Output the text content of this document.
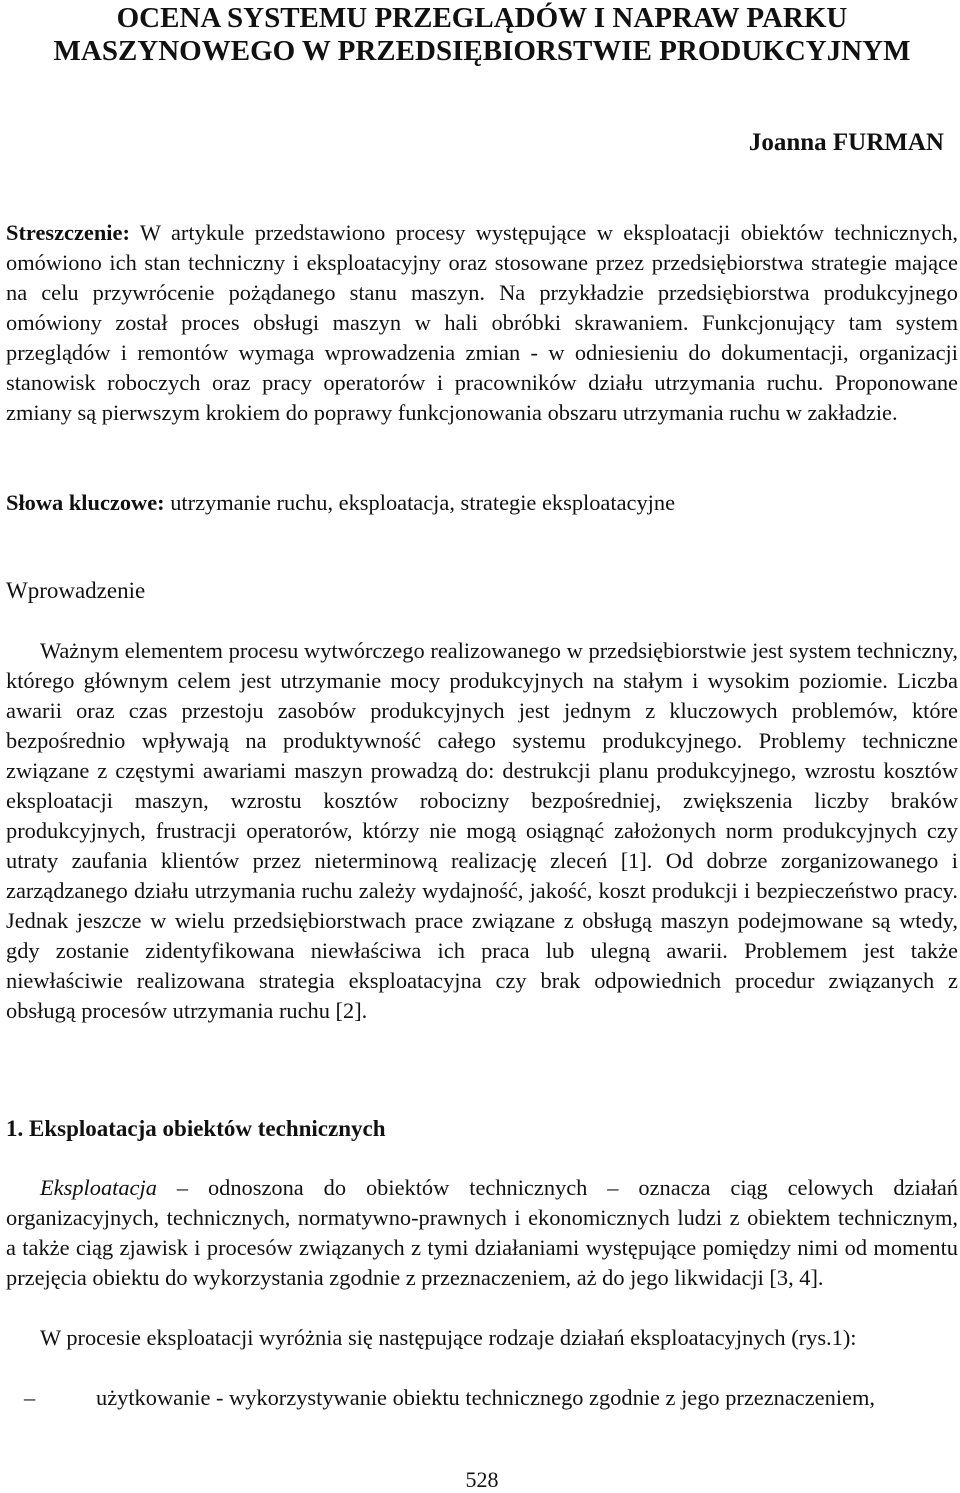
OCENA SYSTEMU PRZEGLĄDÓW I NAPRAW PARKU
MASZYNOWEGO W PRZEDSIĘBIORSTWIE PRODUKCYJNYM
Joanna FURMAN
Streszczenie: W artykule przedstawiono procesy występujące w eksploatacji obiektów technicznych, omówiono ich stan techniczny i eksploatacyjny oraz stosowane przez przedsiębiorstwa strategie mające na celu przywrócenie pożądanego stanu maszyn. Na przykładzie przedsiębiorstwa produkcyjnego omówiony został proces obsługi maszyn w hali obróbki skrawaniem. Funkcjonujący tam system przeglądów i remontów wymaga wprowadzenia zmian - w odniesieniu do dokumentacji, organizacji stanowisk roboczych oraz pracy operatorów i pracowników działu utrzymania ruchu. Proponowane zmiany są pierwszym krokiem do poprawy funkcjonowania obszaru utrzymania ruchu w zakładzie.
Słowa kluczowe: utrzymanie ruchu, eksploatacja, strategie eksploatacyjne
Wprowadzenie
Ważnym elementem procesu wytwórczego realizowanego w przedsiębiorstwie jest system techniczny, którego głównym celem jest utrzymanie mocy produkcyjnych na stałym i wysokim poziomie. Liczba awarii oraz czas przestoju zasobów produkcyjnych jest jednym z kluczowych problemów, które bezpośrednio wpływają na produktywność całego systemu produkcyjnego. Problemy techniczne związane z częstymi awariami maszyn prowadzą do: destrukcji planu produkcyjnego, wzrostu kosztów eksploatacji maszyn, wzrostu kosztów robocizny bezpośredniej, zwiększenia liczby braków produkcyjnych, frustracji operatorów, którzy nie mogą osiągnąć założonych norm produkcyjnych czy utraty zaufania klientów przez nieterminową realizację zleceń [1]. Od dobrze zorganizowanego i zarządzanego działu utrzymania ruchu zależy wydajność, jakość, koszt produkcji i bezpieczeństwo pracy. Jednak jeszcze w wielu przedsiębiorstwach prace związane z obsługą maszyn podejmowane są wtedy, gdy zostanie zidentyfikowana niewłaściwa ich praca lub ulegną awarii. Problemem jest także niewłaściwie realizowana strategia eksploatacyjna czy brak odpowiednich procedur związanych z obsługą procesów utrzymania ruchu [2].
1. Eksploatacja obiektów technicznych
Eksploatacja – odnoszona do obiektów technicznych – oznacza ciąg celowych działań organizacyjnych, technicznych, normatywno-prawnych i ekonomicznych ludzi z obiektem technicznym, a także ciąg zjawisk i procesów związanych z tymi działaniami występujące pomiędzy nimi od momentu przejęcia obiektu do wykorzystania zgodnie z przeznaczeniem, aż do jego likwidacji [3, 4].
W procesie eksploatacji wyróżnia się następujące rodzaje działań eksploatacyjnych (rys.1):
–	użytkowanie - wykorzystywanie obiektu technicznego zgodnie z jego przeznaczeniem,
528
